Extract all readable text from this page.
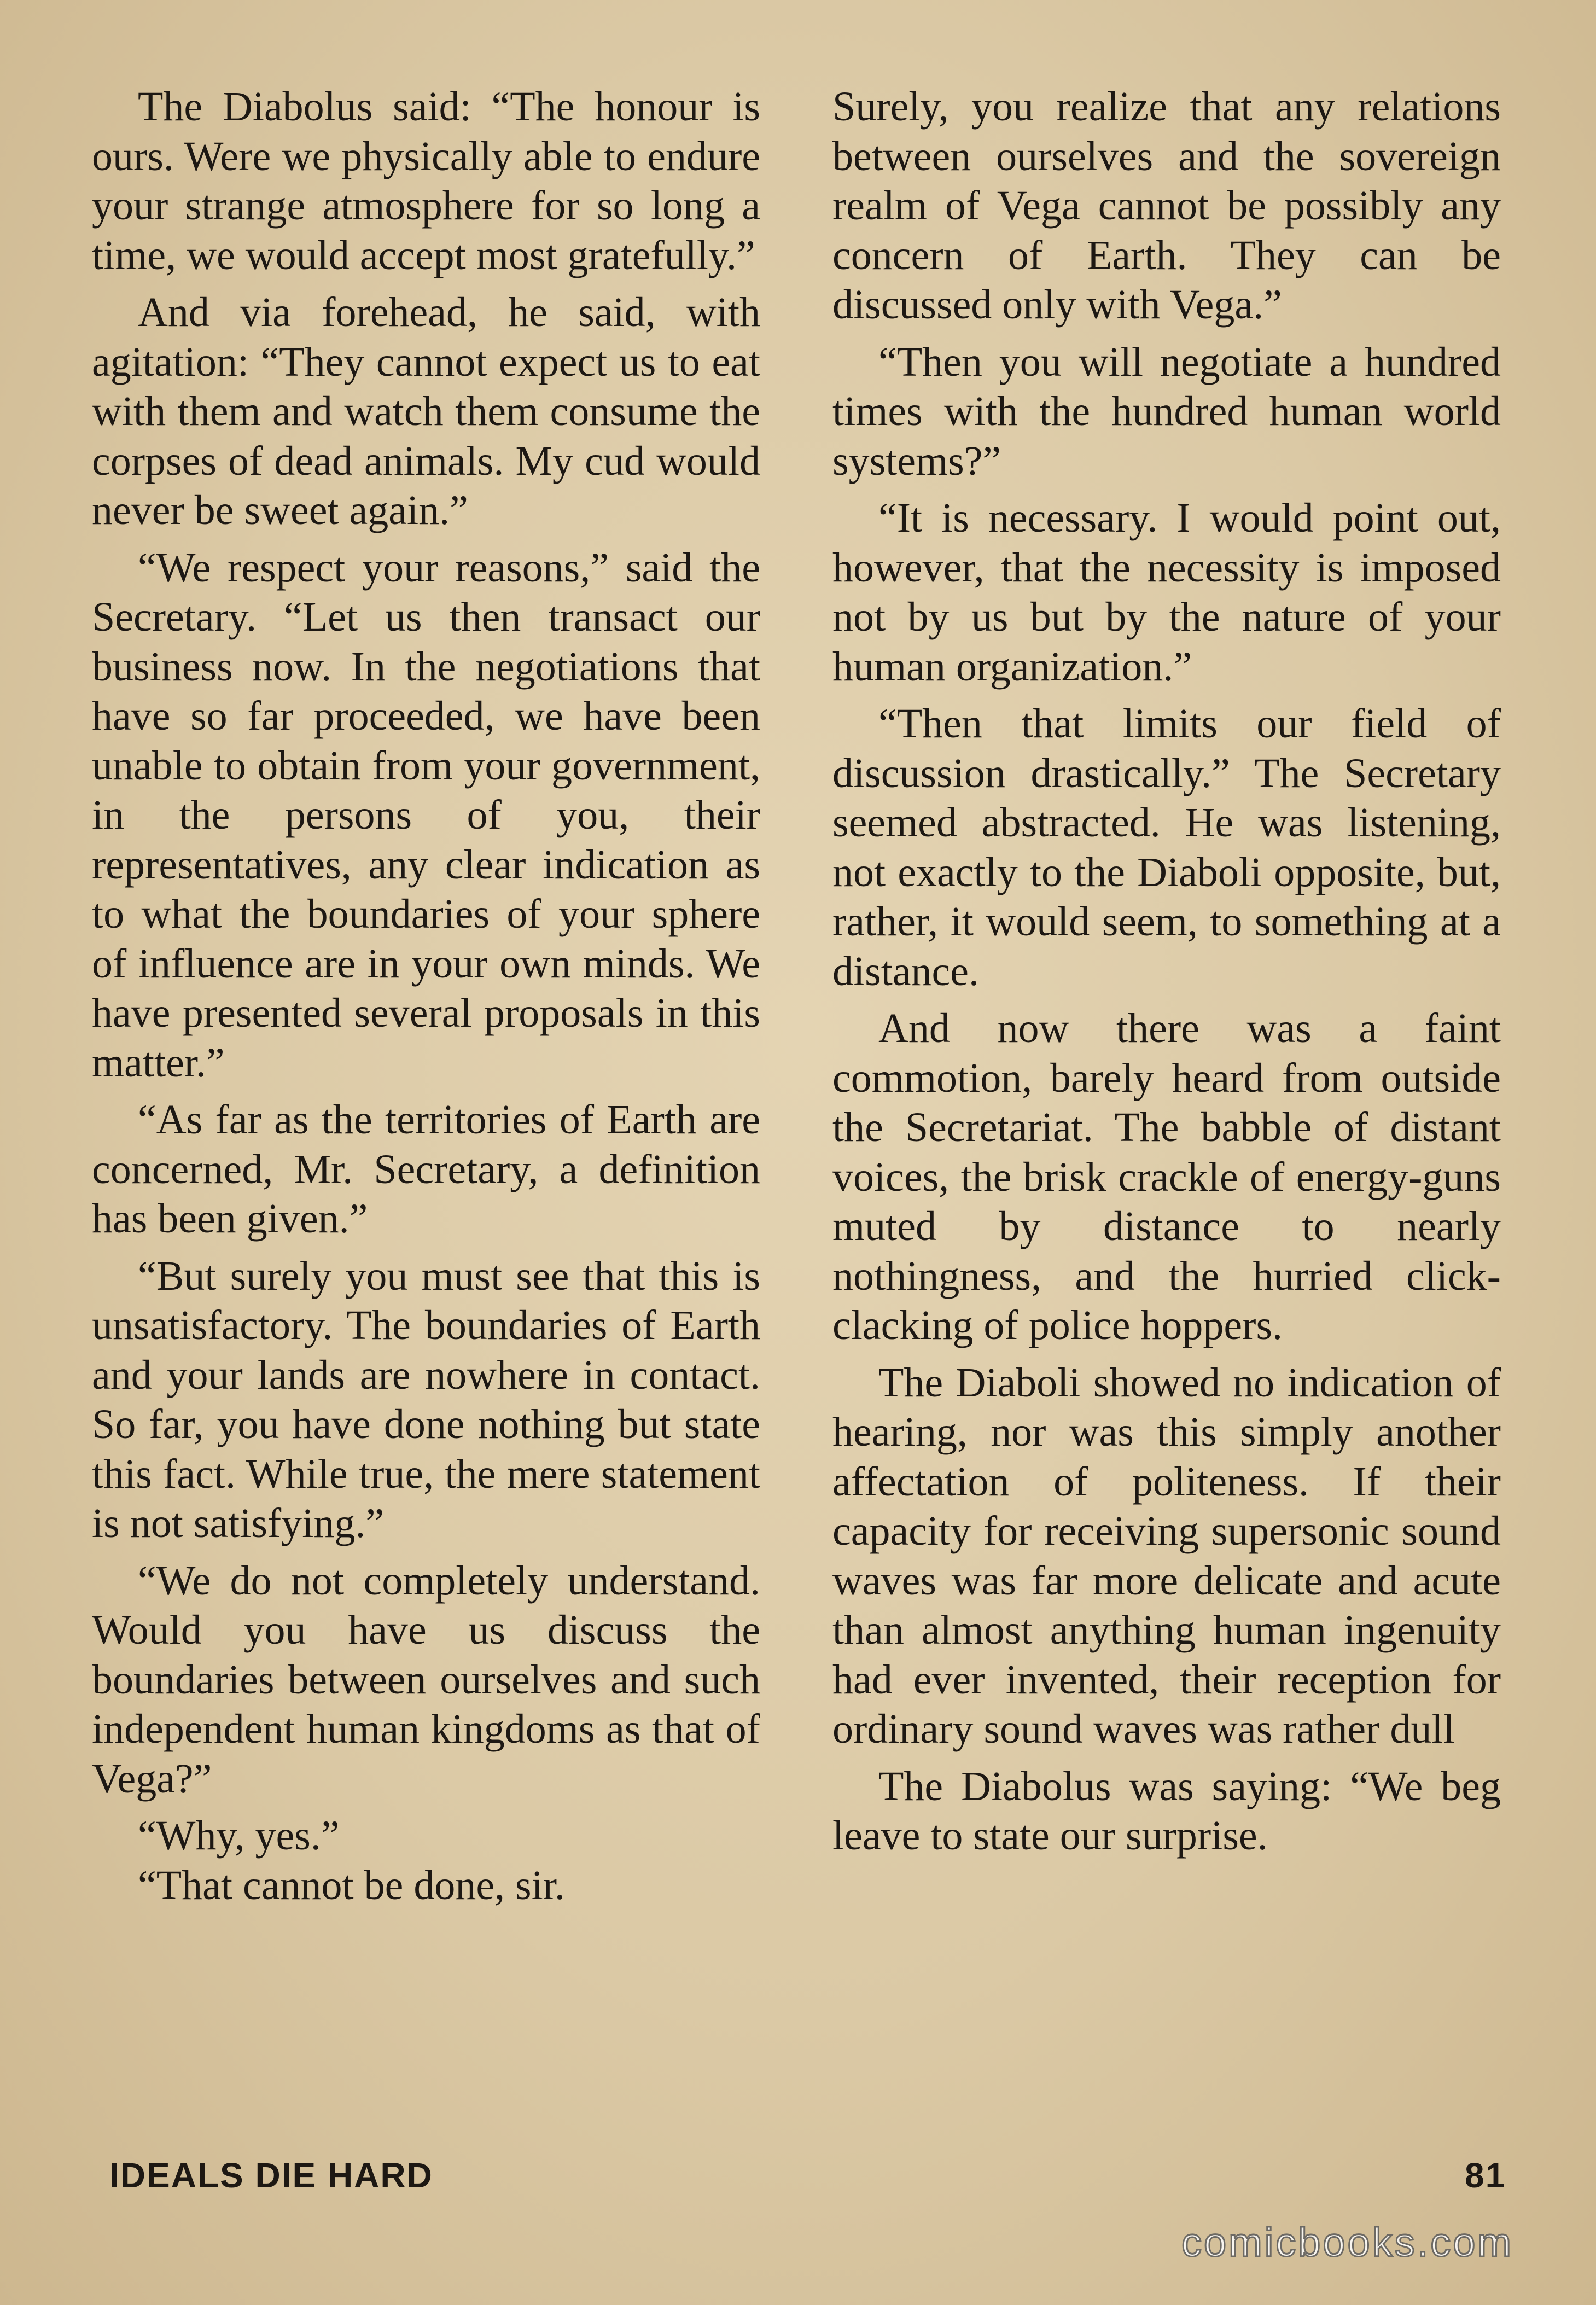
The Diabolus said: “The honour is ours. Were we physically able to endure your strange atmosphere for so long a time, we would accept most gratefully.”

And via forehead, he said, with agitation: “They cannot expect us to eat with them and watch them consume the corpses of dead animals. My cud would never be sweet again.”

“We respect your reasons,” said the Secretary. “Let us then transact our business now. In the negotiations that have so far proceeded, we have been unable to obtain from your government, in the persons of you, their representatives, any clear indication as to what the boundaries of your sphere of influence are in your own minds. We have presented several proposals in this matter.”

“As far as the territories of Earth are concerned, Mr. Secretary, a definition has been given.”

“But surely you must see that this is unsatisfactory. The boundaries of Earth and your lands are nowhere in contact. So far, you have done nothing but state this fact. While true, the mere statement is not satisfying.”

“We do not completely understand. Would you have us discuss the boundaries between ourselves and such independent human kingdoms as that of Vega?”

“Why, yes.”

“That cannot be done, sir.

Surely, you realize that any relations between ourselves and the sovereign realm of Vega cannot be possibly any concern of Earth. They can be discussed only with Vega.”

“Then you will negotiate a hundred times with the hundred human world systems?”

“It is necessary. I would point out, however, that the necessity is imposed not by us but by the nature of your human organization.”

“Then that limits our field of discussion drastically.” The Secretary seemed abstracted. He was listening, not exactly to the Diaboli opposite, but, rather, it would seem, to something at a distance.

And now there was a faint commotion, barely heard from outside the Secretariat. The babble of distant voices, the brisk crackle of energy-guns muted by distance to nearly nothingness, and the hurried click-clacking of police hoppers.

The Diaboli showed no indication of hearing, nor was this simply another affectation of politeness. If their capacity for receiving supersonic sound waves was far more delicate and acute than almost anything human ingenuity had ever invented, their reception for ordinary sound waves was rather dull

The Diabolus was saying: “We beg leave to state our surprise.

IDEALS DIE HARD	81
comicbooks.com
